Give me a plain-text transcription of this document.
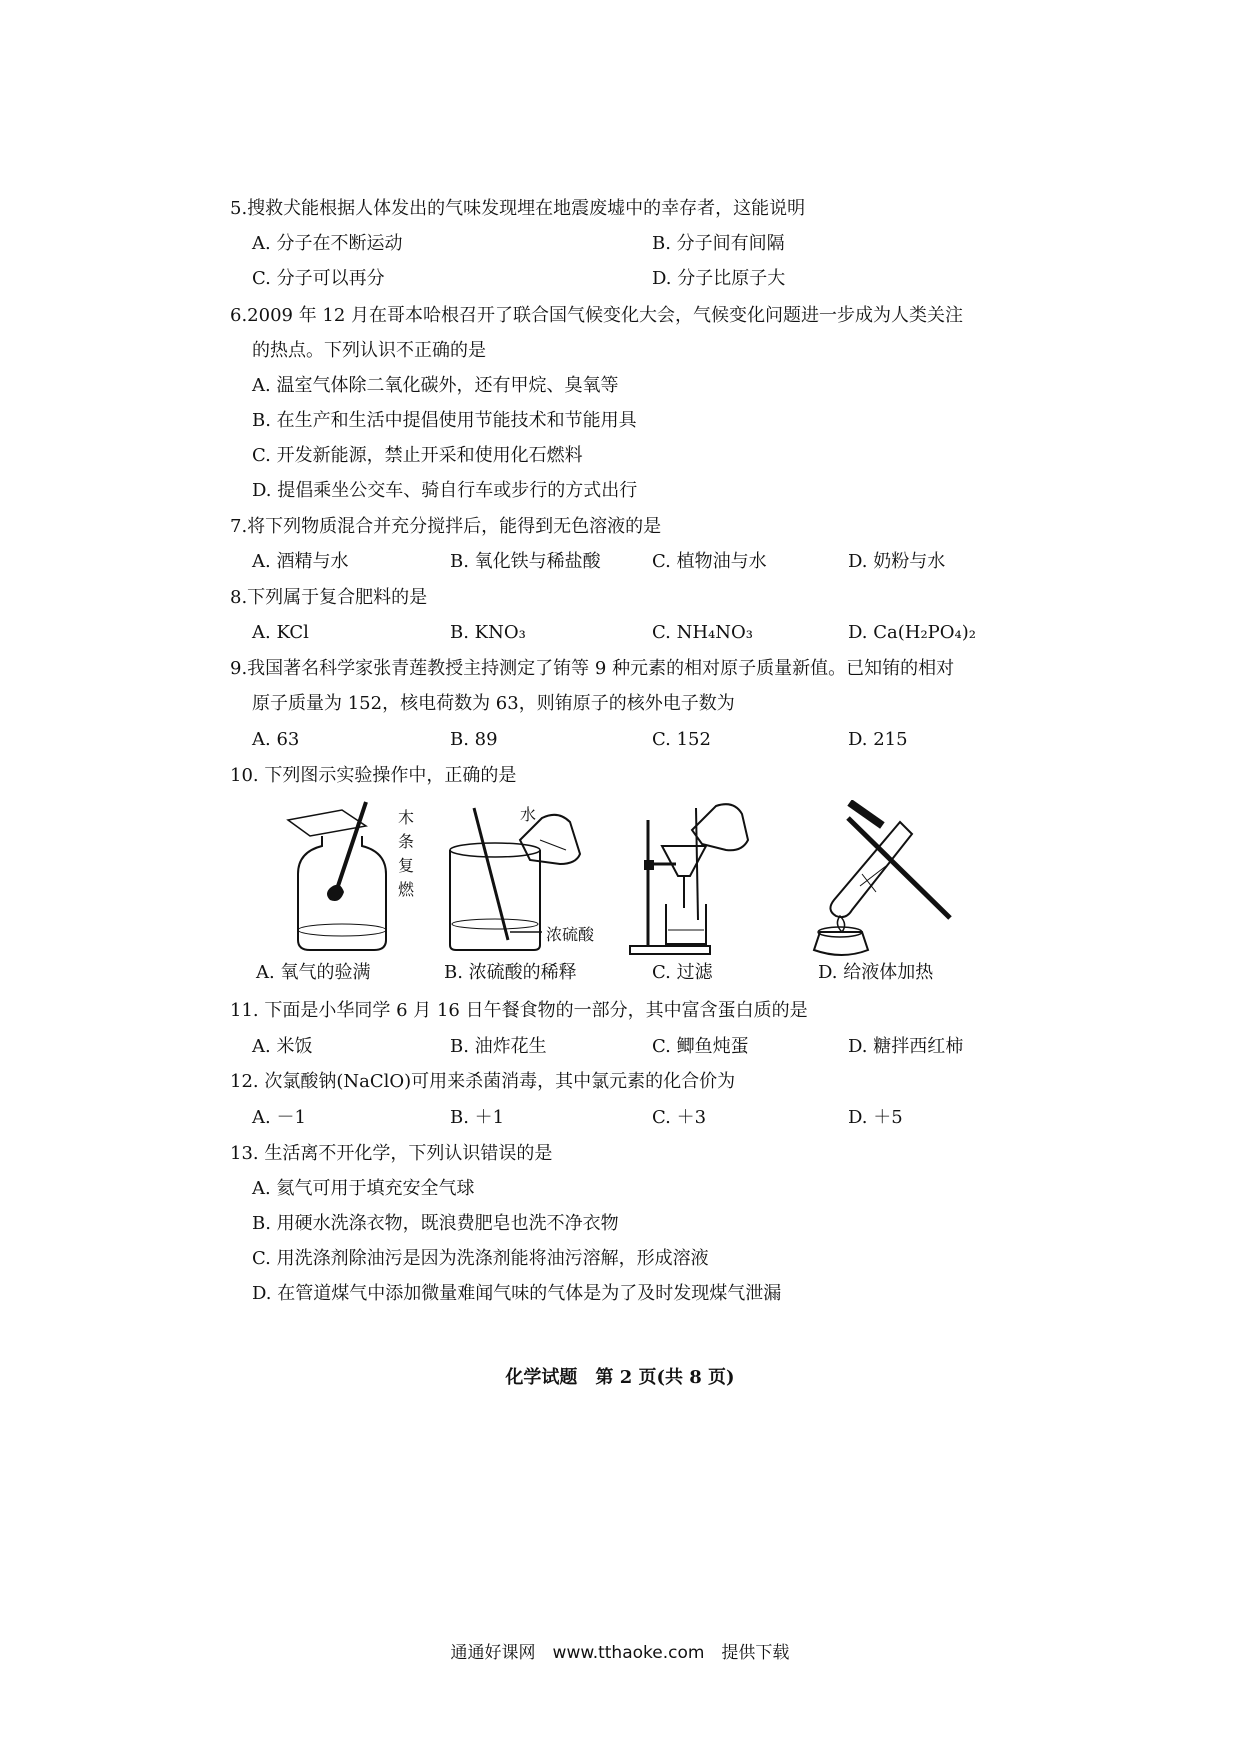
5.搜救犬能根据人体发出的气味发现埋在地震废墟中的幸存者，这能说明
A. 分子在不断运动	B. 分子间有间隔
C. 分子可以再分	D. 分子比原子大
6.2009 年 12 月在哥本哈根召开了联合国气候变化大会，气候变化问题进一步成为人类关注
的热点。下列认识不正确的是
A. 温室气体除二氧化碳外，还有甲烷、臭氧等
B. 在生产和生活中提倡使用节能技术和节能用具
C. 开发新能源，禁止开采和使用化石燃料
D. 提倡乘坐公交车、骑自行车或步行的方式出行
7.将下列物质混合并充分搅拌后，能得到无色溶液的是
A. 酒精与水	B. 氧化铁与稀盐酸	C. 植物油与水	D. 奶粉与水
8.下列属于复合肥料的是
A. KCl	B. KNO₃	C. NH₄NO₃	D. Ca(H₂PO₄)₂
9.我国著名科学家张青莲教授主持测定了铕等 9 种元素的相对原子质量新值。已知铕的相对
原子质量为 152，核电荷数为 63，则铕原子的核外电子数为
A. 63	B. 89	C. 152	D. 215
10. 下列图示实验操作中，正确的是
木条复燃
水
浓硫酸
A. 氧气的验满	B. 浓硫酸的稀释	C. 过滤	D. 给液体加热
11. 下面是小华同学 6 月 16 日午餐食物的一部分，其中富含蛋白质的是
A. 米饭	B. 油炸花生	C. 鲫鱼炖蛋	D. 糖拌西红柿
12. 次氯酸钠(NaClO)可用来杀菌消毒，其中氯元素的化合价为
A. －1	B. ＋1	C. ＋3	D. ＋5
13. 生活离不开化学，下列认识错误的是
A. 氦气可用于填充安全气球
B. 用硬水洗涤衣物，既浪费肥皂也洗不净衣物
C. 用洗涤剂除油污是因为洗涤剂能将油污溶解，形成溶液
D. 在管道煤气中添加微量难闻气味的气体是为了及时发现煤气泄漏
化学试题　第 2 页(共 8 页)
通通好课网　www.tthaoke.com　提供下载
